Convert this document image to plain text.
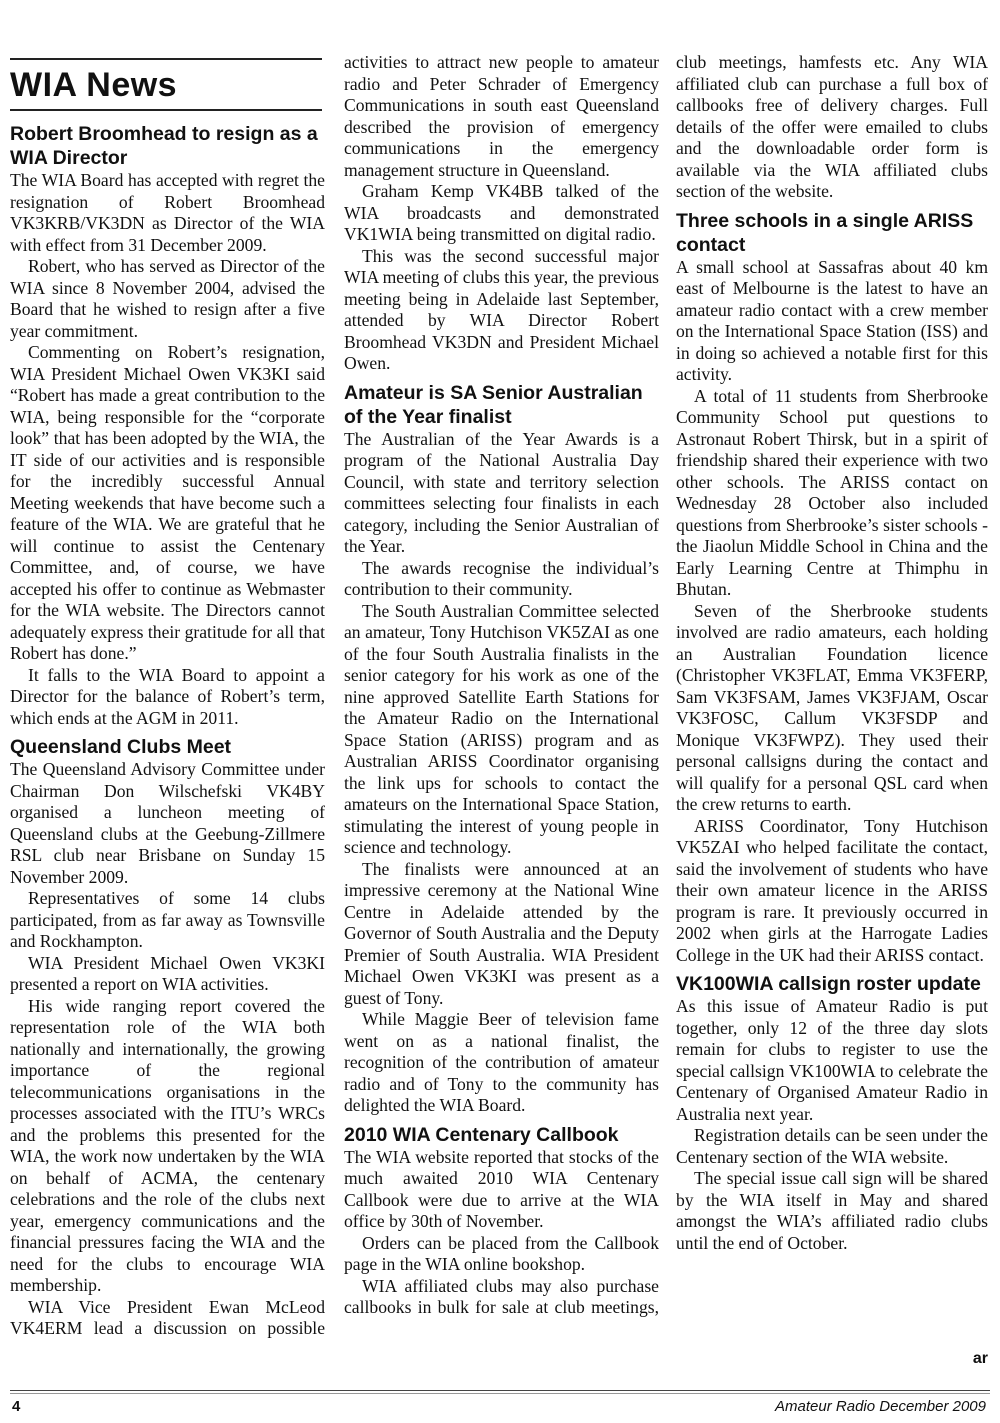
WIA News
Robert Broomhead to resign as a WIA Director

The WIA Board has accepted with regret the resignation of Robert Broomhead VK3KRB/VK3DN as Director of the WIA with effect from 31 December 2009.

Robert, who has served as Director of the WIA since 8 November 2004, advised the Board that he wished to resign after a five year commitment.

Commenting on Robert’s resignation, WIA President Michael Owen VK3KI said “Robert has made a great contribution to the WIA, being responsible for the “corporate look” that has been adopted by the WIA, the IT side of our activities and is responsible for the incredibly successful Annual Meeting weekends that have become such a feature of the WIA. We are grateful that he will continue to assist the Centenary Committee, and, of course, we have accepted his offer to continue as Webmaster for the WIA website. The Directors cannot adequately express their gratitude for all that Robert has done.”

It falls to the WIA Board to appoint a Director for the balance of Robert’s term, which ends at the AGM in 2011.

Queensland Clubs Meet

The Queensland Advisory Committee under Chairman Don Wilschefski VK4BY organised a luncheon meeting of Queensland clubs at the Geebung-Zillmere RSL club near Brisbane on Sunday 15 November 2009.

Representatives of some 14 clubs participated, from as far away as Townsville and Rockhampton.

WIA President Michael Owen VK3KI presented a report on WIA activities.

His wide ranging report covered the representation role of the WIA both nationally and internationally, the growing importance of the regional telecommunications organisations in the processes associated with the ITU’s WRCs and the problems this presented for the WIA, the work now undertaken by the WIA on behalf of ACMA, the centenary celebrations and the role of the clubs next year, emergency communications and the financial pressures facing the WIA and the need for the clubs to encourage WIA membership.

WIA Vice President Ewan McLeod VK4ERM lead a discussion on possible

activities to attract new people to amateur radio and Peter Schrader of Emergency Communications in south east Queensland described the provision of emergency communications in the emergency management structure in Queensland.

Graham Kemp VK4BB talked of the WIA broadcasts and demonstrated VK1WIA being transmitted on digital radio.

This was the second successful major WIA meeting of clubs this year, the previous meeting being in Adelaide last September, attended by WIA Director Robert Broomhead VK3DN and President Michael Owen.

Amateur is SA Senior Australian of the Year finalist

The Australian of the Year Awards is a program of the National Australia Day Council, with state and territory selection committees selecting four finalists in each category, including the Senior Australian of the Year.

The awards recognise the individual’s contribution to their community.

The South Australian Committee selected an amateur, Tony Hutchison VK5ZAI as one of the four South Australia finalists in the senior category for his work as one of the nine approved Satellite Earth Stations for the Amateur Radio on the International Space Station (ARISS) program and as Australian ARISS Coordinator organising the link ups for schools to contact the amateurs on the International Space Station, stimulating the interest of young people in science and technology.

The finalists were announced at an impressive ceremony at the National Wine Centre in Adelaide attended by the Governor of South Australia and the Deputy Premier of South Australia. WIA President Michael Owen VK3KI was present as a guest of Tony.

While Maggie Beer of television fame went on as a national finalist, the recognition of the contribution of amateur radio and of Tony to the community has delighted the WIA Board.

2010 WIA Centenary Callbook

The WIA website reported that stocks of the much awaited 2010 WIA Centenary Callbook were due to arrive at the WIA office by 30th of November.

Orders can be placed from the Callbook page in the WIA online bookshop.

WIA affiliated clubs may also purchase callbooks in bulk for sale at club meetings,

club meetings, hamfests etc. Any WIA affiliated club can purchase a full box of callbooks free of delivery charges. Full details of the offer were emailed to clubs and the downloadable order form is available via the WIA affiliated clubs section of the website.

Three schools in a single ARISS contact

A small school at Sassafras about 40 km east of Melbourne is the latest to have an amateur radio contact with a crew member on the International Space Station (ISS) and in doing so achieved a notable first for this activity.

A total of 11 students from Sherbrooke Community School put questions to Astronaut Robert Thirsk, but in a spirit of friendship shared their experience with two other schools. The ARISS contact on Wednesday 28 October also included questions from Sherbrooke’s sister schools - the Jiaolun Middle School in China and the Early Learning Centre at Thimphu in Bhutan.

Seven of the Sherbrooke students involved are radio amateurs, each holding an Australian Foundation licence (Christopher VK3FLAT, Emma VK3FERP, Sam VK3FSAM, James VK3FJAM, Oscar VK3FOSC, Callum VK3FSDP and Monique VK3FWPZ). They used their personal callsigns during the contact and will qualify for a personal QSL card when the crew returns to earth.

ARISS Coordinator, Tony Hutchison VK5ZAI who helped facilitate the contact, said the involvement of students who have their own amateur licence in the ARISS program is rare. It previously occurred in 2002 when girls at the Harrogate Ladies College in the UK had their ARISS contact.

VK100WIA callsign roster update

As this issue of Amateur Radio is put together, only 12 of the three day slots remain for clubs to register to use the special callsign VK100WIA to celebrate the Centenary of Organised Amateur Radio in Australia next year.

Registration details can be seen under the Centenary section of the WIA website.

The special issue call sign will be shared by the WIA itself in May and shared amongst the WIA’s affiliated radio clubs until the end of October.

ar
4	Amateur Radio December 2009
